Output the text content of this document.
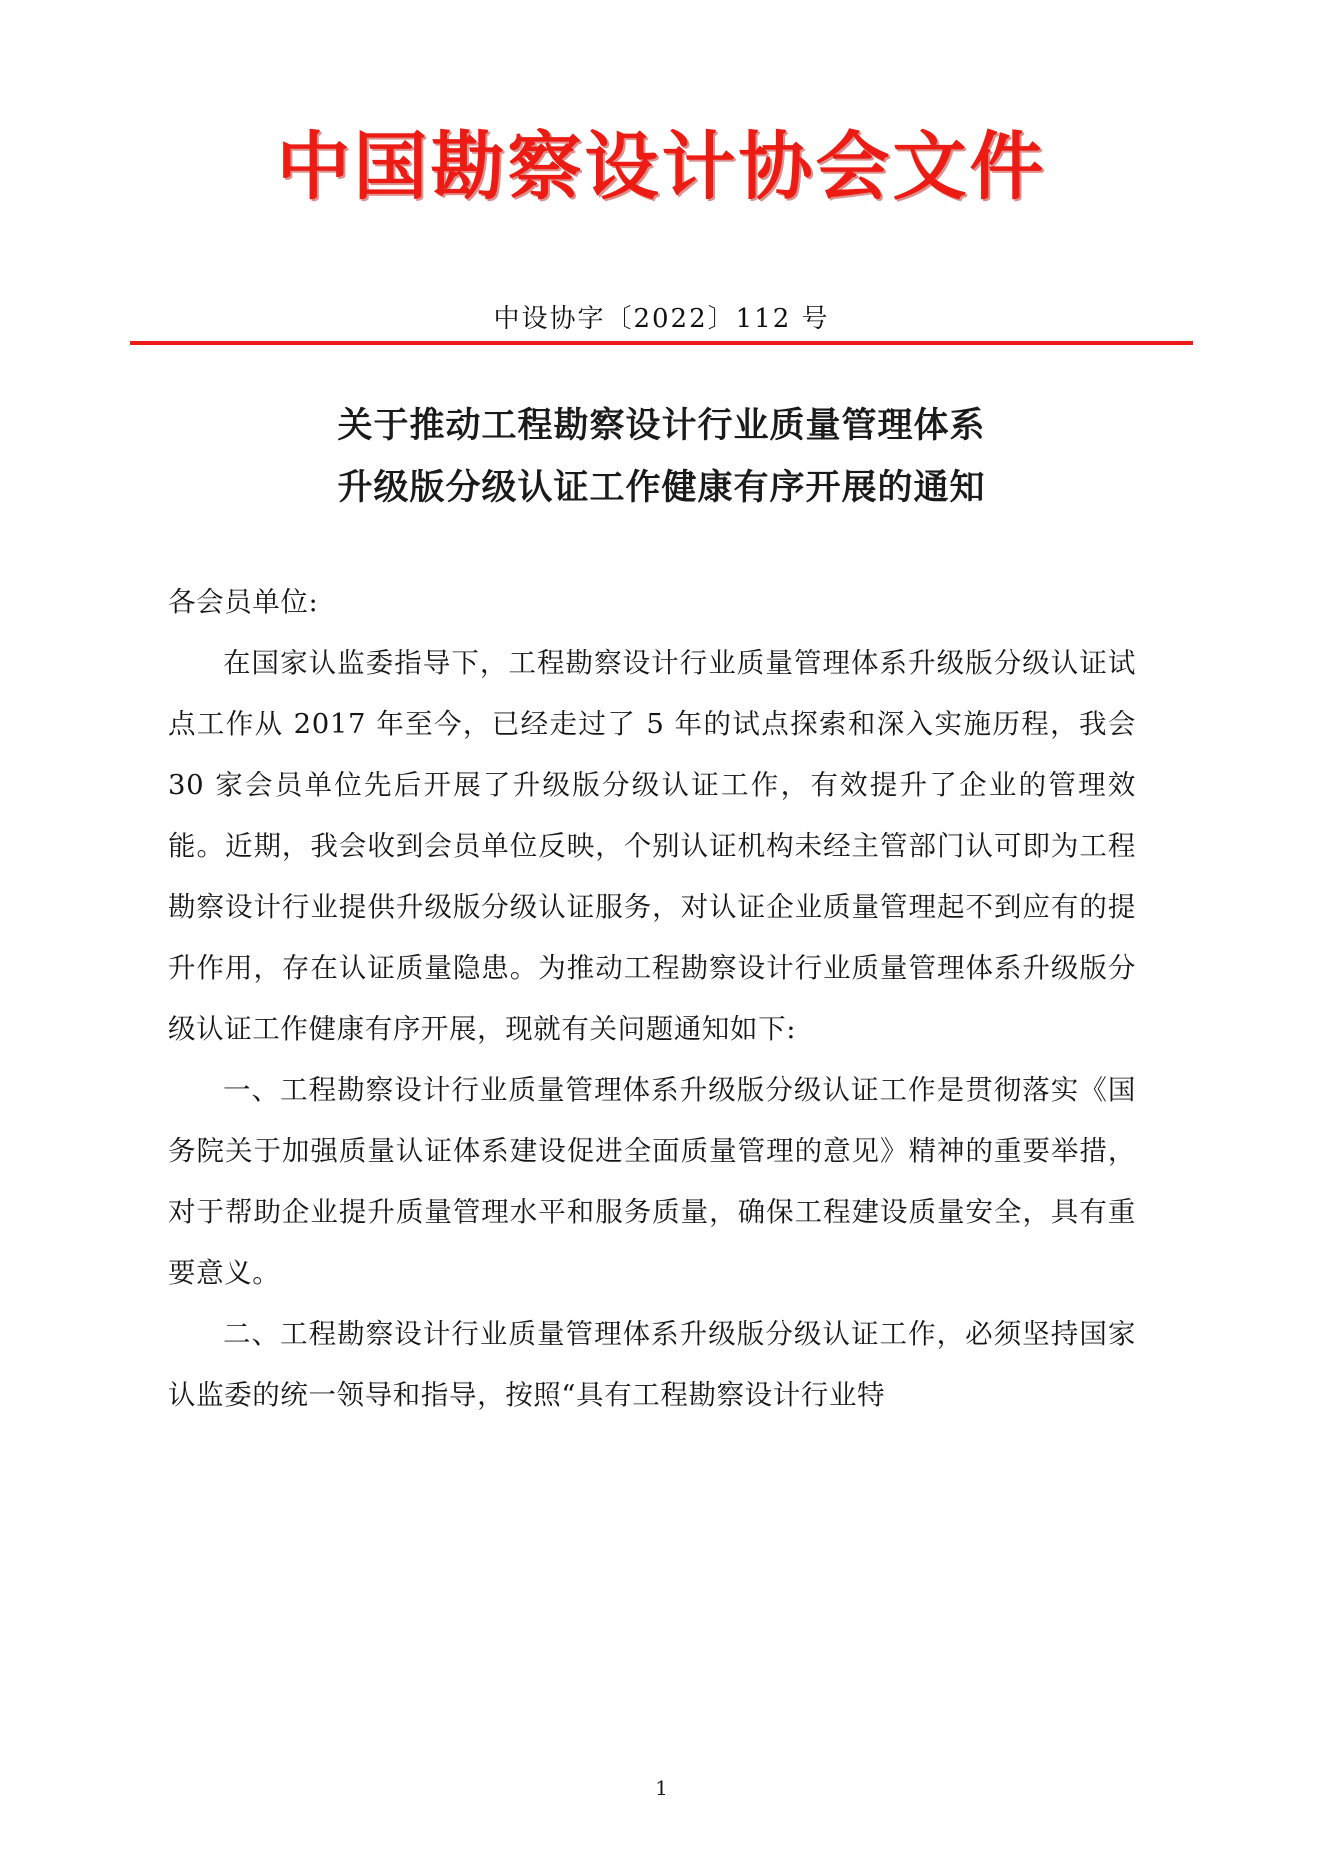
中国勘察设计协会文件
中设协字〔2022〕112 号
关于推动工程勘察设计行业质量管理体系
升级版分级认证工作健康有序开展的通知

各会员单位:

在国家认监委指导下，工程勘察设计行业质量管理体系升级版分级认证试点工作从 2017 年至今，已经走过了 5 年的试点探索和深入实施历程，我会 30 家会员单位先后开展了升级版分级认证工作，有效提升了企业的管理效能。近期，我会收到会员单位反映，个别认证机构未经主管部门认可即为工程勘察设计行业提供升级版分级认证服务，对认证企业质量管理起不到应有的提升作用，存在认证质量隐患。为推动工程勘察设计行业质量管理体系升级版分级认证工作健康有序开展，现就有关问题通知如下:

一、工程勘察设计行业质量管理体系升级版分级认证工作是贯彻落实《国务院关于加强质量认证体系建设促进全面质量管理的意见》精神的重要举措，对于帮助企业提升质量管理水平和服务质量，确保工程建设质量安全，具有重要意义。

二、工程勘察设计行业质量管理体系升级版分级认证工作，必须坚持国家认监委的统一领导和指导，按照“具有工程勘察设计行业特

1
